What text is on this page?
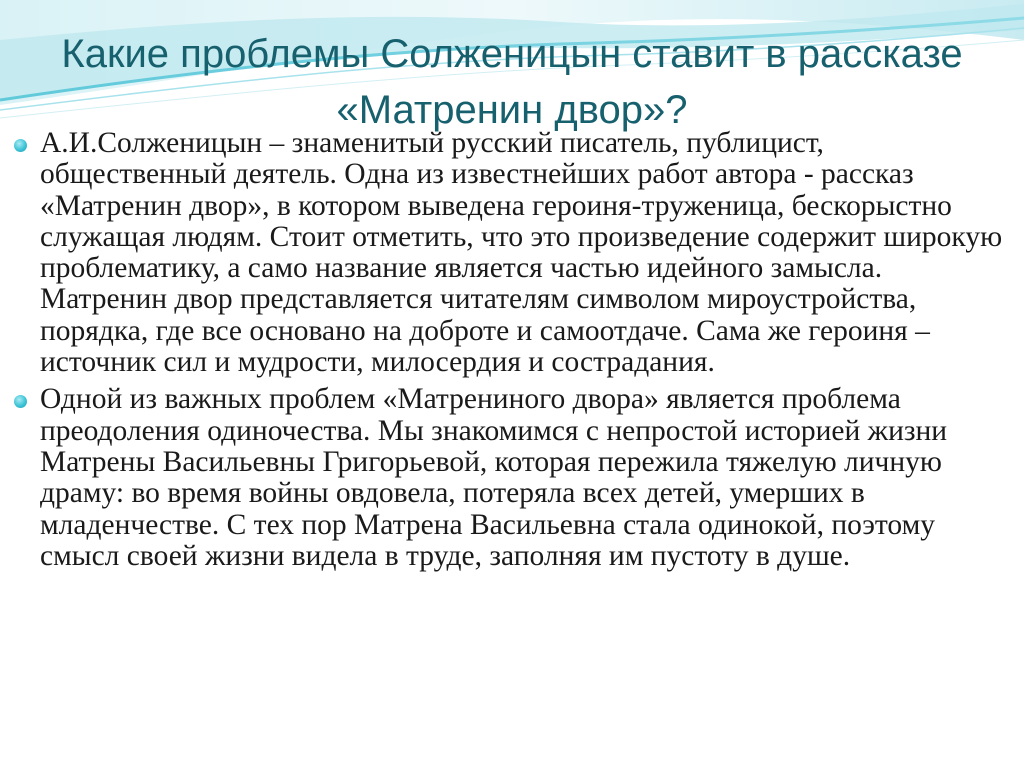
Какие проблемы Солженицын ставит в рассказе «Матренин двор»?

А.И.Солженицын – знаменитый русский писатель, публицист, общественный деятель. Одна из известнейших работ автора - рассказ «Матренин двор», в котором выведена героиня-труженица, бескорыстно служащая людям. Стоит отметить, что это произведение содержит широкую проблематику, а само название является частью идейного замысла. Матренин двор представляется читателям символом мироустройства, порядка, где все основано на доброте и самоотдаче. Сама же героиня – источник сил и мудрости, милосердия и сострадания.

Одной из важных проблем «Матрениного двора» является проблема преодоления одиночества. Мы знакомимся с непростой историей жизни Матрены Васильевны Григорьевой, которая пережила тяжелую личную драму: во время войны овдовела, потеряла всех детей, умерших в младенчестве. С тех пор Матрена Васильевна стала одинокой, поэтому смысл своей жизни видела в труде, заполняя им пустоту в душе.
